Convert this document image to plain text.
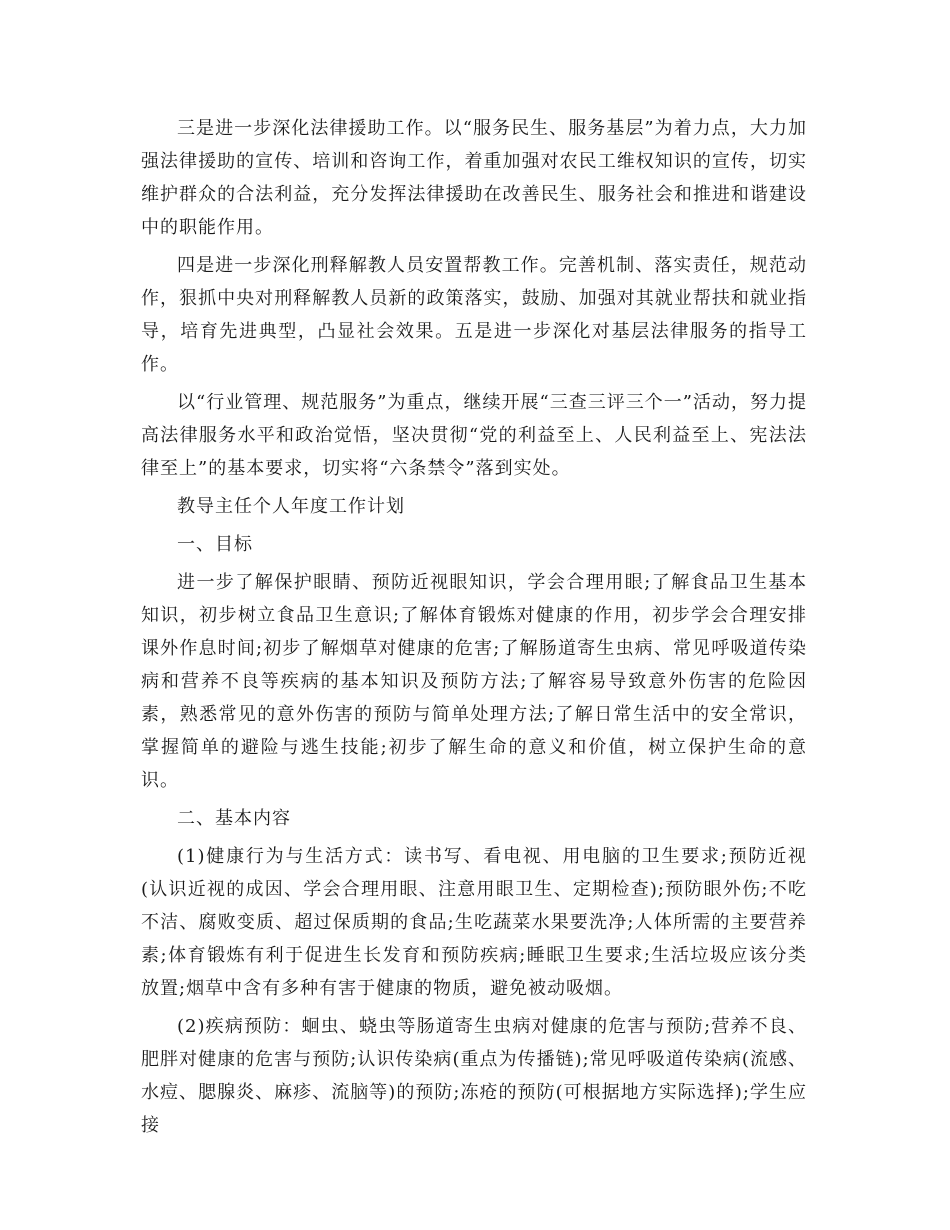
三是进一步深化法律援助工作。以“服务民生、服务基层”为着力点，大力加强法律援助的宣传、培训和咨询工作，着重加强对农民工维权知识的宣传，切实维护群众的合法利益，充分发挥法律援助在改善民生、服务社会和推进和谐建设中的职能作用。

四是进一步深化刑释解教人员安置帮教工作。完善机制、落实责任，规范动作，狠抓中央对刑释解教人员新的政策落实，鼓励、加强对其就业帮扶和就业指导，培育先进典型，凸显社会效果。五是进一步深化对基层法律服务的指导工作。

以“行业管理、规范服务”为重点，继续开展“三查三评三个一”活动，努力提高法律服务水平和政治觉悟，坚决贯彻“党的利益至上、人民利益至上、宪法法律至上”的基本要求，切实将“六条禁令”落到实处。

教导主任个人年度工作计划

一、目标

进一步了解保护眼睛、预防近视眼知识，学会合理用眼;了解食品卫生基本知识，初步树立食品卫生意识;了解体育锻炼对健康的作用，初步学会合理安排课外作息时间;初步了解烟草对健康的危害;了解肠道寄生虫病、常见呼吸道传染病和营养不良等疾病的基本知识及预防方法;了解容易导致意外伤害的危险因素，熟悉常见的意外伤害的预防与简单处理方法;了解日常生活中的安全常识，掌握简单的避险与逃生技能;初步了解生命的意义和价值，树立保护生命的意识。

二、基本内容

(1)健康行为与生活方式：读书写、看电视、用电脑的卫生要求;预防近视(认识近视的成因、学会合理用眼、注意用眼卫生、定期检查);预防眼外伤;不吃不洁、腐败变质、超过保质期的食品;生吃蔬菜水果要洗净;人体所需的主要营养素;体育锻炼有利于促进生长发育和预防疾病;睡眠卫生要求;生活垃圾应该分类放置;烟草中含有多种有害于健康的物质，避免被动吸烟。

(2)疾病预防：蛔虫、蛲虫等肠道寄生虫病对健康的危害与预防;营养不良、肥胖对健康的危害与预防;认识传染病(重点为传播链);常见呼吸道传染病(流感、水痘、腮腺炎、麻疹、流脑等)的预防;冻疮的预防(可根据地方实际选择);学生应接
